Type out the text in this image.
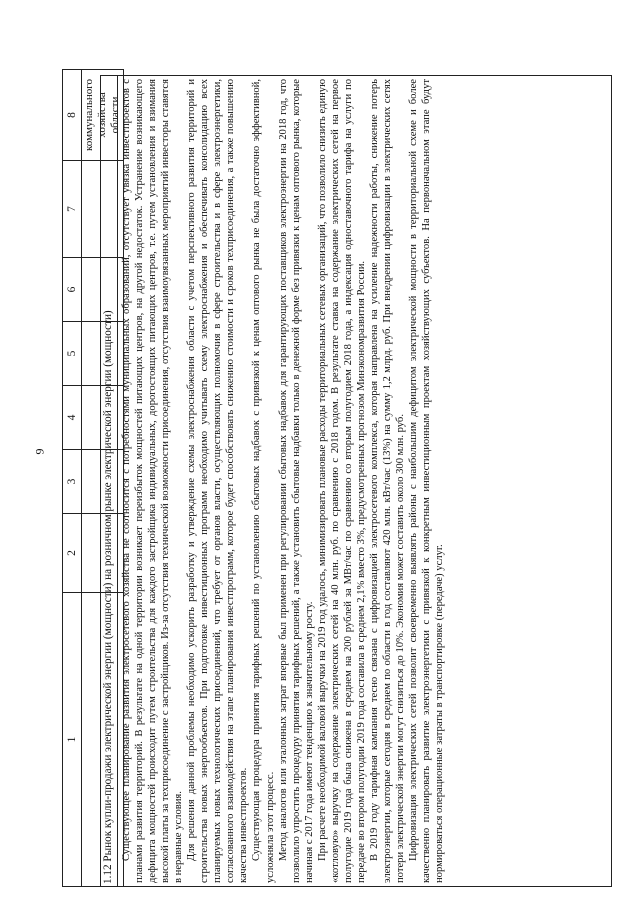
9
1	2	3	4	5	6	7	8

							коммунального хозяйства области
1.12 Рынок купли-продажи электрической энергии (мощности) на розничном рынке электрической энергии (мощности) Существующее планирование развития электросетевого хозяйства не соотносится с потребностями муниципальных образований, отсутствует увязка инвестпроектов с планами развития территорий. В результате на одной территории возникает переизбыток мощностей питающих центров, на другой недостаток. Устранение возникающего дефицита мощностей происходит путем строительства для каждого застройщика индивидуальных, дорогостоящих питающих центров, т.е. путем установления и взимания высокой платы за техприсоединение с застройщиков. Из-за отсутствия технической возможности присоединения, отсутствия взаимоувязанных мероприятий инвесторы ставятся в неравные условия. Для решения данной проблемы необходимо ускорить разработку и утверждение схемы электроснабжения области с учетом перспективного развития территорий и строительства новых энергообъектов. При подготовке инвестиционных программ необходимо учитывать схему электроснабжения и обеспечивать консолидацию всех планируемых новых технологических присоединений, что требует от органов власти, осуществляющих полномочия в сфере строительства и в сфере электроэнергетики, согласованного взаимодействия на этапе планирования инвестпрограмм, которое будет способствовать снижению стоимости и сроков техприсоединения, а также повышению качества инвестпроектов. Существующая процедура принятия тарифных решений по установлению сбытовых надбавок с привязкой к ценам оптового рынка не была достаточно эффективной, усложняла этот процесс. Метод аналогов или эталонных затрат впервые был применен при регулировании сбытовых надбавок для гарантирующих поставщиков электроэнергии на 2018 год, что позволило упростить процедуру принятия тарифных решений, а также установить сбытовые надбавки только в денежной форме без привязки к ценам оптового рынка, которые начиная с 2017 года имеют тенденцию к значительному росту. При расчете необходимой валовой выручки на 2019 год удалось, минимизировать плановые расходы территориальных сетевых организаций, что позволило снизить единую «котловую» выручку на содержание электрических сетей на 40 млн. руб. по сравнению с 2018 годом. В результате ставка на содержание электрических сетей на первое полугодие 2019 года была снижена в среднем на 200 рублей за МВт/час по сравнению со вторым полугодием 2018 года, а индексация одноставочного тарифа на услуги по передаче во втором полугодии 2019 года составила в среднем 2,1% вместо 3%, предусмотренных прогнозом Минэкономразвития России. В 2019 году тарифная кампания тесно связана с цифровизацией электросетевого комплекса, которая направлена на усиление надежности работы, снижение потерь электроэнергии, которые сегодня в среднем по области в год составляют 420 млн. кВт/час (13%) на сумму 1,2 млрд. руб. При внедрении цифровизации в электрических сетях потери электрической энергии могут снизиться до 10%. Экономия может составить около 300 млн. руб. Цифровизация электрических сетей позволит своевременно выявлять районы с наибольшим дефицитом электрической мощности в территориальной схеме и более качественно планировать развитие электроэнергетики с привязкой к конкретным инвестиционным проектам хозяйствующих субъектов. На первоначальном этапе будут нормироваться операционные затраты в транспортировке (передаче) услуг.
